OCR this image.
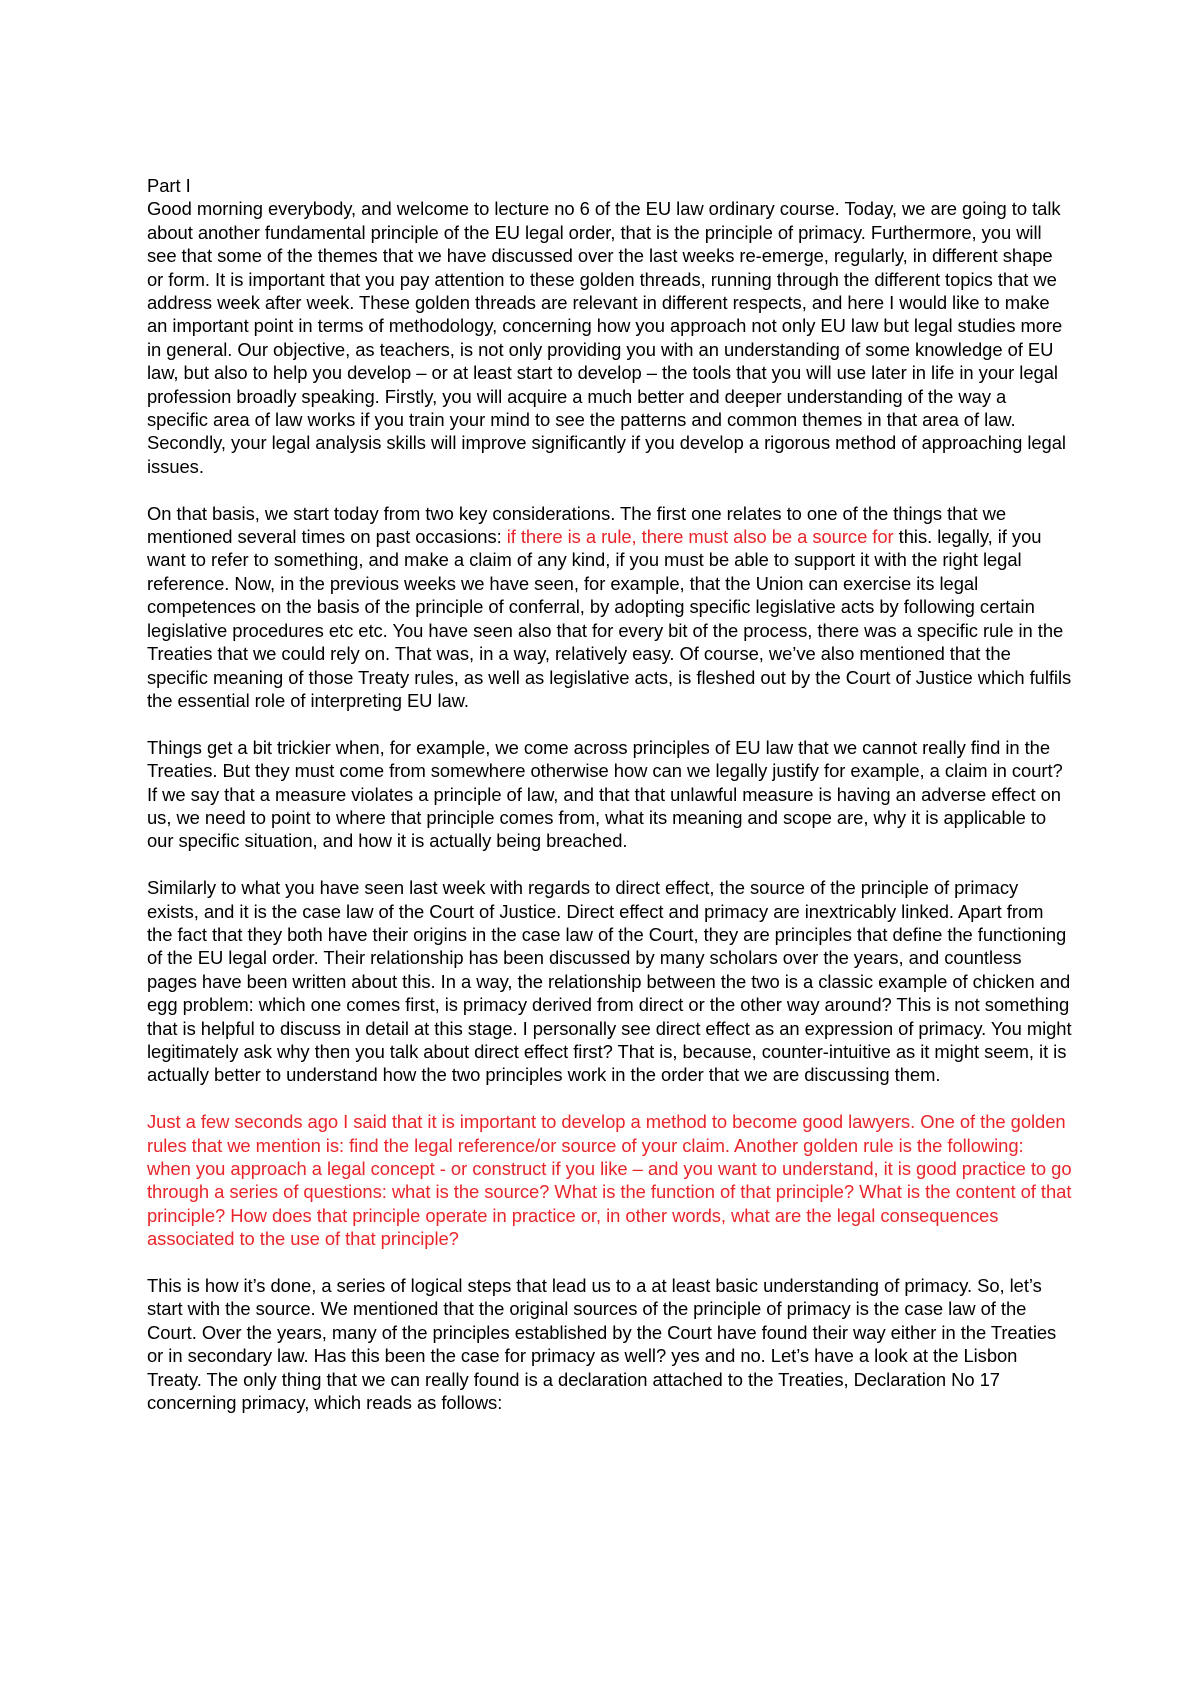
Part I

Good morning everybody, and welcome to lecture no 6 of the EU law ordinary course. Today, we are going to talk about another fundamental principle of the EU legal order, that is the principle of primacy. Furthermore, you will see that some of the themes that we have discussed over the last weeks re-emerge, regularly, in different shape or form. It is important that you pay attention to these golden threads, running through the different topics that we address week after week. These golden threads are relevant in different respects, and here I would like to make an important point in terms of methodology, concerning how you approach not only EU law but legal studies more in general. Our objective, as teachers, is not only providing you with an understanding of some knowledge of EU law, but also to help you develop – or at least start to develop – the tools that you will use later in life in your legal profession broadly speaking. Firstly, you will acquire a much better and deeper understanding of the way a specific area of law works if you train your mind to see the patterns and common themes in that area of law. Secondly, your legal analysis skills will improve significantly if you develop a rigorous method of approaching legal issues.

On that basis, we start today from two key considerations. The first one relates to one of the things that we mentioned several times on past occasions: if there is a rule, there must also be a source for this. legally, if you want to refer to something, and make a claim of any kind, if you must be able to support it with the right legal reference. Now, in the previous weeks we have seen, for example, that the Union can exercise its legal competences on the basis of the principle of conferral, by adopting specific legislative acts by following certain legislative procedures etc etc. You have seen also that for every bit of the process, there was a specific rule in the Treaties that we could rely on. That was, in a way, relatively easy. Of course, we’ve also mentioned that the specific meaning of those Treaty rules, as well as legislative acts, is fleshed out by the Court of Justice which fulfils the essential role of interpreting EU law.

Things get a bit trickier when, for example, we come across principles of EU law that we cannot really find in the Treaties. But they must come from somewhere otherwise how can we legally justify for example, a claim in court? If we say that a measure violates a principle of law, and that that unlawful measure is having an adverse effect on us, we need to point to where that principle comes from, what its meaning and scope are, why it is applicable to our specific situation, and how it is actually being breached.

Similarly to what you have seen last week with regards to direct effect, the source of the principle of primacy exists, and it is the case law of the Court of Justice. Direct effect and primacy are inextricably linked. Apart from the fact that they both have their origins in the case law of the Court, they are principles that define the functioning of the EU legal order. Their relationship has been discussed by many scholars over the years, and countless pages have been written about this. In a way, the relationship between the two is a classic example of chicken and egg problem: which one comes first, is primacy derived from direct or the other way around? This is not something that is helpful to discuss in detail at this stage. I personally see direct effect as an expression of primacy. You might legitimately ask why then you talk about direct effect first? That is, because, counter-intuitive as it might seem, it is actually better to understand how the two principles work in the order that we are discussing them.

Just a few seconds ago I said that it is important to develop a method to become good lawyers. One of the golden rules that we mention is: find the legal reference/or source of your claim. Another golden rule is the following: when you approach a legal concept - or construct if you like – and you want to understand, it is good practice to go through a series of questions: what is the source? What is the function of that principle? What is the content of that principle? How does that principle operate in practice or, in other words, what are the legal consequences associated to the use of that principle?

This is how it’s done, a series of logical steps that lead us to a at least basic understanding of primacy. So, let’s start with the source. We mentioned that the original sources of the principle of primacy is the case law of the Court. Over the years, many of the principles established by the Court have found their way either in the Treaties or in secondary law. Has this been the case for primacy as well? yes and no. Let’s have a look at the Lisbon Treaty. The only thing that we can really found is a declaration attached to the Treaties, Declaration No 17 concerning primacy, which reads as follows:
